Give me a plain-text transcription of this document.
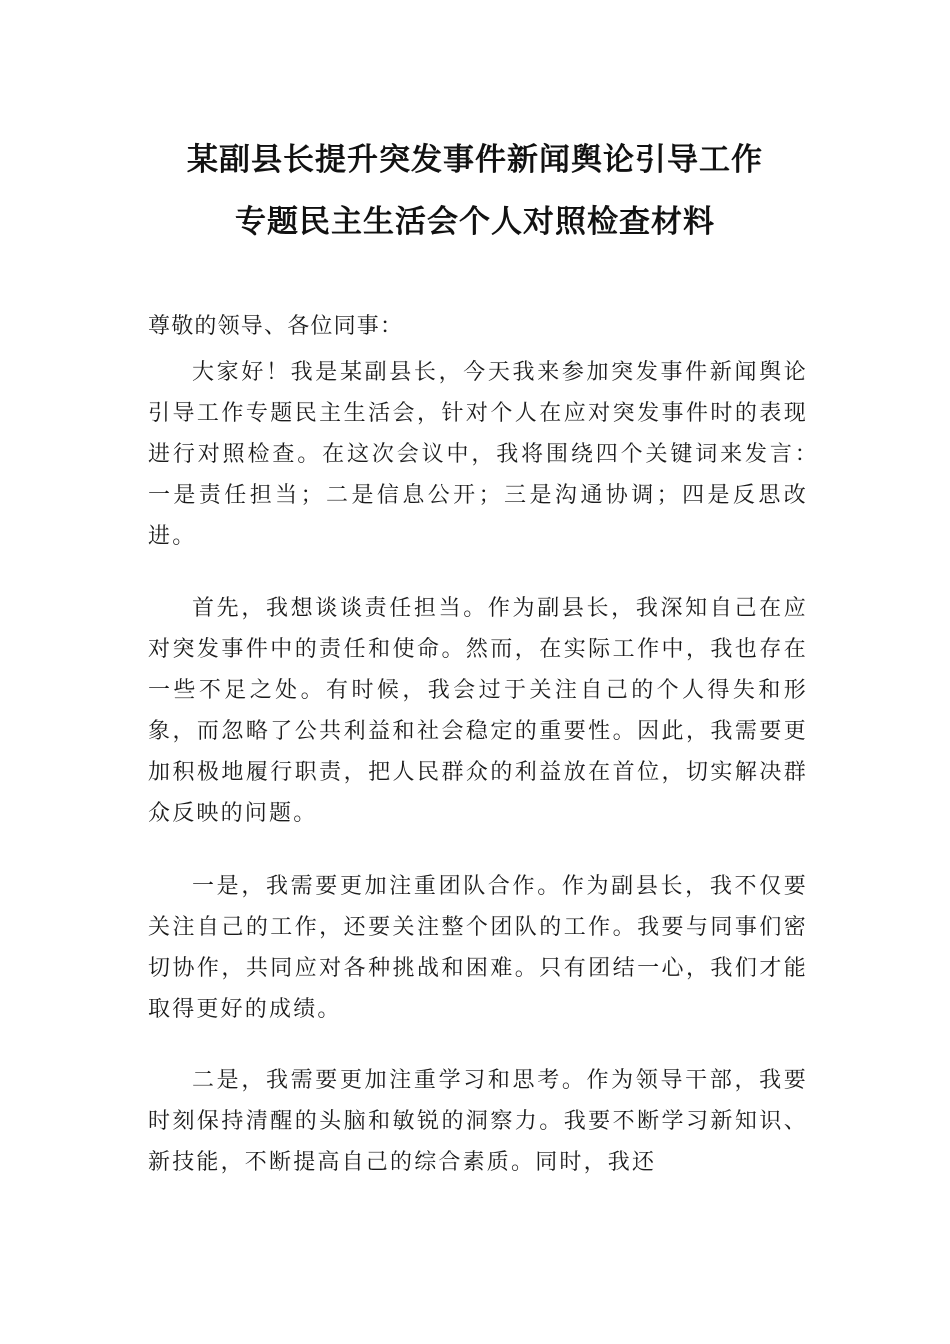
某副县长提升突发事件新闻舆论引导工作
专题民主生活会个人对照检查材料
尊敬的领导、各位同事：

大家好！我是某副县长，今天我来参加突发事件新闻舆论引导工作专题民主生活会，针对个人在应对突发事件时的表现进行对照检查。在这次会议中，我将围绕四个关键词来发言：　一是责任担当；二是信息公开；三是沟通协调；四是反思改进。

首先，我想谈谈责任担当。作为副县长，我深知自己在应对突发事件中的责任和使命。然而，在实际工作中，我也存在一些不足之处。有时候，我会过于关注自己的个人得失和形象，而忽略了公共利益和社会稳定的重要性。因此，我需要更加积极地履行职责，把人民群众的利益放在首位，切实解决群众反映的问题。

一是，我需要更加注重团队合作。作为副县长，我不仅要关注自己的工作，还要关注整个团队的工作。我要与同事们密切协作，共同应对各种挑战和困难。只有团结一心，我们才能取得更好的成绩。

二是，我需要更加注重学习和思考。作为领导干部，我要时刻保持清醒的头脑和敏锐的洞察力。我要不断学习新知识、新技能，不断提高自己的综合素质。同时，我还
